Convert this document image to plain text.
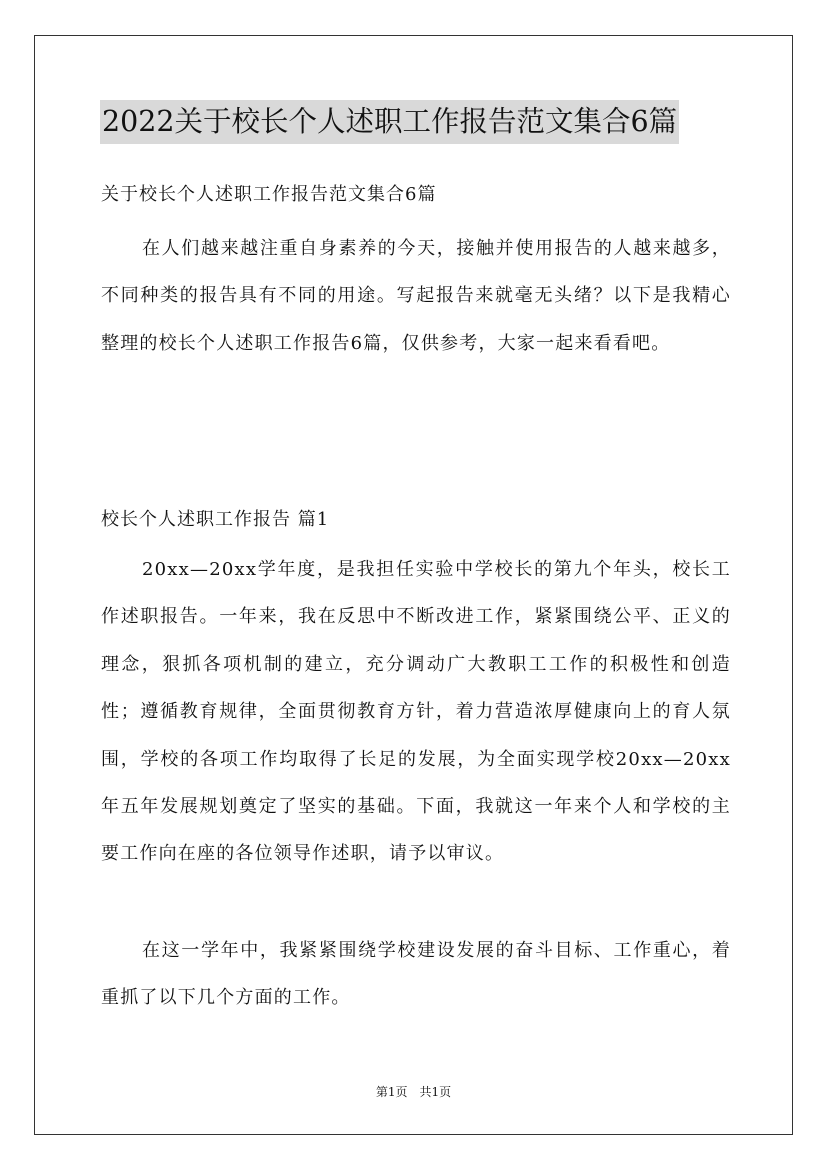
2022关于校长个人述职工作报告范文集合6篇
关于校长个人述职工作报告范文集合6篇

在人们越来越注重自身素养的今天，接触并使用报告的人越来越多，不同种类的报告具有不同的用途。写起报告来就毫无头绪？以下是我精心整理的校长个人述职工作报告6篇，仅供参考，大家一起来看看吧。

校长个人述职工作报告 篇1

20xx—20xx学年度，是我担任实验中学校长的第九个年头，校长工作述职报告。一年来，我在反思中不断改进工作，紧紧围绕公平、正义的理念，狠抓各项机制的建立，充分调动广大教职工工作的积极性和创造性；遵循教育规律，全面贯彻教育方针，着力营造浓厚健康向上的育人氛围，学校的各项工作均取得了长足的发展，为全面实现学校20xx—20xx年五年发展规划奠定了坚实的基础。下面，我就这一年来个人和学校的主要工作向在座的各位领导作述职，请予以审议。

在这一学年中，我紧紧围绕学校建设发展的奋斗目标、工作重心，着重抓了以下几个方面的工作。

第1页　共1页
